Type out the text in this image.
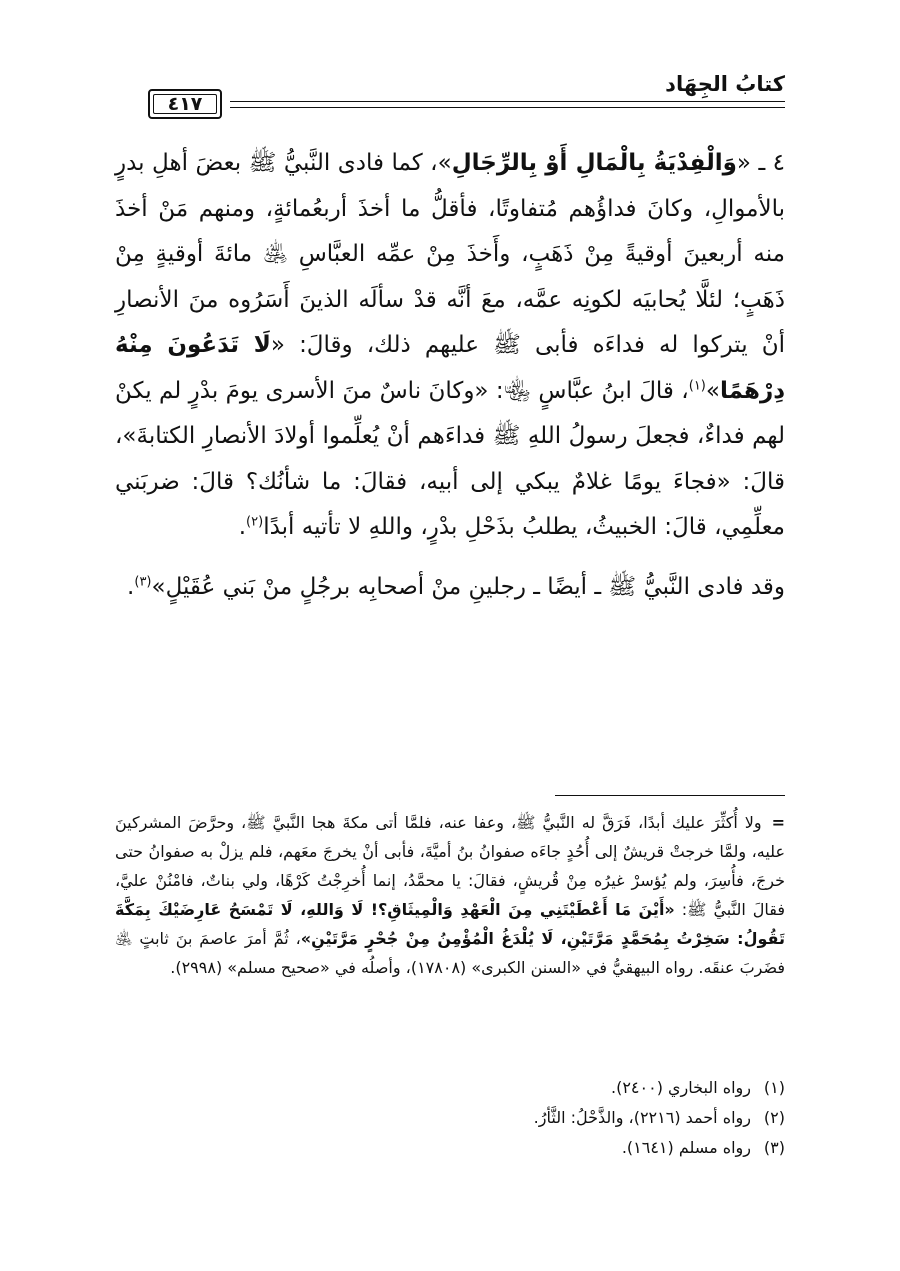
كتابُ الجِهَاد
٤١٧

٤ ـ «وَالْفِدْيَةُ بِالْمَالِ أَوْ بِالرِّجَالِ»، كما فادى النَّبيُّ ﷺ بعضَ أهلِ بدرٍ بالأموالِ، وكانَ فداؤُهم مُتفاوتًا، فأقلُّ ما أخذَ أربعُمائةٍ، ومنهم مَنْ أخذَ منه أربعينَ أوقيةً مِنْ ذَهَبٍ، وأَخذَ مِنْ عمِّه العبَّاسِ ﵁ مائةَ أوقيةٍ مِنْ ذَهَبٍ؛ لئلَّا يُحابيَه لكونِه عمَّه، معَ أنَّه قدْ سألَه الذينَ أَسَرُوه منَ الأنصارِ أنْ يتركوا له فداءَه فأبى ﷺ عليهم ذلك، وقالَ: «لَا تَدَعُونَ مِنْهُ دِرْهَمًا»$^{(١)}$، قالَ ابنُ عبَّاسٍ ﵄: «وكانَ ناسٌ منَ الأسرى يومَ بدْرٍ لم يكنْ لهم فداءٌ، فجعلَ رسولُ اللهِ ﷺ فداءَهم أنْ يُعلِّموا أولادَ الأنصارِ الكتابةَ»، قالَ: «فجاءَ يومًا غلامٌ يبكي إلى أبيه، فقالَ: ما شأنُك؟ قالَ: ضربَني معلِّمِي، قالَ: الخبيثُ، يطلبُ بذَحْلِ بدْرٍ، واللهِ لا تأتيه أبدًا$^{(٢)}$.

وقد فادى النَّبيُّ ﷺ ـ أيضًا ـ رجلينِ منْ أصحابِه برجُلٍ منْ بَني عُقَيْلٍ»$^{(٣)}$.

=ولا أُكثِّرَ عليك أبدًا، فَرَقَّ له النَّبيُّ ﷺ، وعفا عنه، فلمَّا أتى مكةَ هجا النَّبيَّ ﷺ، وحرَّضَ المشركينَ عليه، ولمَّا خرجتْ قريشٌ إلى أُحُدٍ جاءَه صفوانُ بنُ أميَّةَ، فأبى أنْ يخرجَ معَهم، فلم يزلْ به صفوانُ حتى خرجَ، فأُسِرَ، ولم يُؤسرْ غيرُه مِنْ قُريشٍ، فقالَ: يا محمَّدُ، إنما أُخرِجْتُ كَرْهًا، ولي بناتٌ، فامْنُنْ عليَّ، فقالَ النَّبيُّ ﷺ: «أَيْنَ مَا أَعْطَيْتَنِي مِنَ الْعَهْدِ وَالْمِيثَاقِ؟! لَا وَاللهِ، لَا تَمْسَحُ عَارِضَيْكَ بِمَكَّةَ تَقُولُ: سَخِرْتُ بِمُحَمَّدٍ مَرَّتَيْنِ، لَا يُلْدَغُ الْمُؤْمِنُ مِنْ جُحْرٍ مَرَّتَيْنِ»، ثُمَّ أمرَ عاصمَ بنَ ثابتٍ ﵁ فضَربَ عنقَه. رواه البيهقيُّ في «السنن الكبرى» (١٧٨٠٨)، وأصلُه في «صحيح مسلم» (٢٩٩٨).

(١)رواه البخاري (٢٤٠٠).
(٢)رواه أحمد (٢٢١٦)، والذَّحْلُ: الثَّأرُ.
(٣)رواه مسلم (١٦٤١).
